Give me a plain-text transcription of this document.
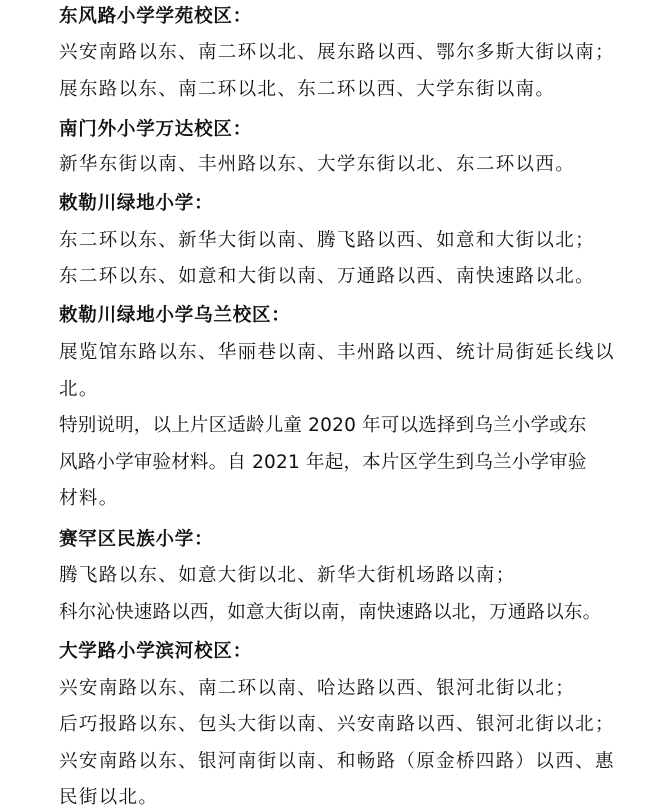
东风路小学学苑校区：
兴安南路以东、南二环以北、展东路以西、鄂尔多斯大街以南；
展东路以东、南二环以北、东二环以西、大学东街以南。
南门外小学万达校区：
新华东街以南、丰州路以东、大学东街以北、东二环以西。
敕勒川绿地小学：
东二环以东、新华大街以南、腾飞路以西、如意和大街以北；
东二环以东、如意和大街以南、万通路以西、南快速路以北。
敕勒川绿地小学乌兰校区：
展览馆东路以东、华丽巷以南、丰州路以西、统计局街延长线以
北。
特别说明，以上片区适龄儿童 2020 年可以选择到乌兰小学或东
风路小学审验材料。自 2021 年起，本片区学生到乌兰小学审验
材料。
赛罕区民族小学：
腾飞路以东、如意大街以北、新华大街机场路以南；
科尔沁快速路以西，如意大街以南，南快速路以北，万通路以东。
大学路小学滨河校区：
兴安南路以东、南二环以南、哈达路以西、银河北街以北；
后巧报路以东、包头大街以南、兴安南路以西、银河北街以北；
兴安南路以东、银河南街以南、和畅路（原金桥四路）以西、惠
民街以北。
